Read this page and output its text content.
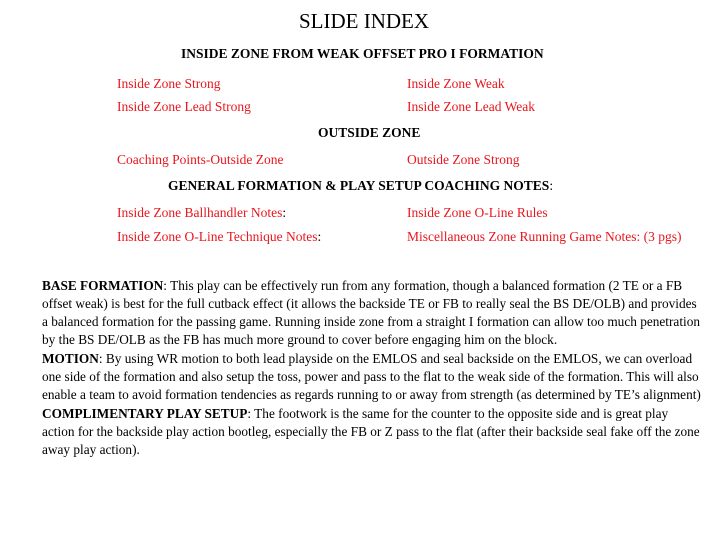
SLIDE INDEX
INSIDE ZONE FROM WEAK OFFSET PRO I FORMATION
Inside Zone Strong	Inside Zone Weak
Inside Zone Lead Strong	Inside Zone Lead Weak
OUTSIDE ZONE
Coaching Points-Outside Zone	Outside Zone Strong
GENERAL FORMATION & PLAY SETUP COACHING NOTES:
Inside Zone Ballhandler Notes:	Inside Zone O-Line Rules
Inside Zone O-Line Technique Notes:	Miscellaneous Zone Running Game Notes: (3 pgs)

BASE FORMATION: This play can be effectively run from any formation, though a balanced formation (2 TE or a FB offset weak) is best for the full cutback effect (it allows the backside TE or FB to really seal the BS DE/OLB) and provides a balanced formation for the passing game. Running inside zone from a straight I formation can allow too much penetration by the BS DE/OLB as the FB has much more ground to cover before engaging him on the block.

MOTION: By using WR motion to both lead playside on the EMLOS and seal backside on the EMLOS, we can overload one side of the formation and also setup the toss, power and pass to the flat to the weak side of the formation. This will also enable a team to avoid formation tendencies as regards running to or away from strength (as determined by TE’s alignment)

COMPLIMENTARY PLAY SETUP: The footwork is the same for the counter to the opposite side and is great play action for the backside play action bootleg, especially the FB or Z pass to the flat (after their backside seal fake off the zone away play action).
